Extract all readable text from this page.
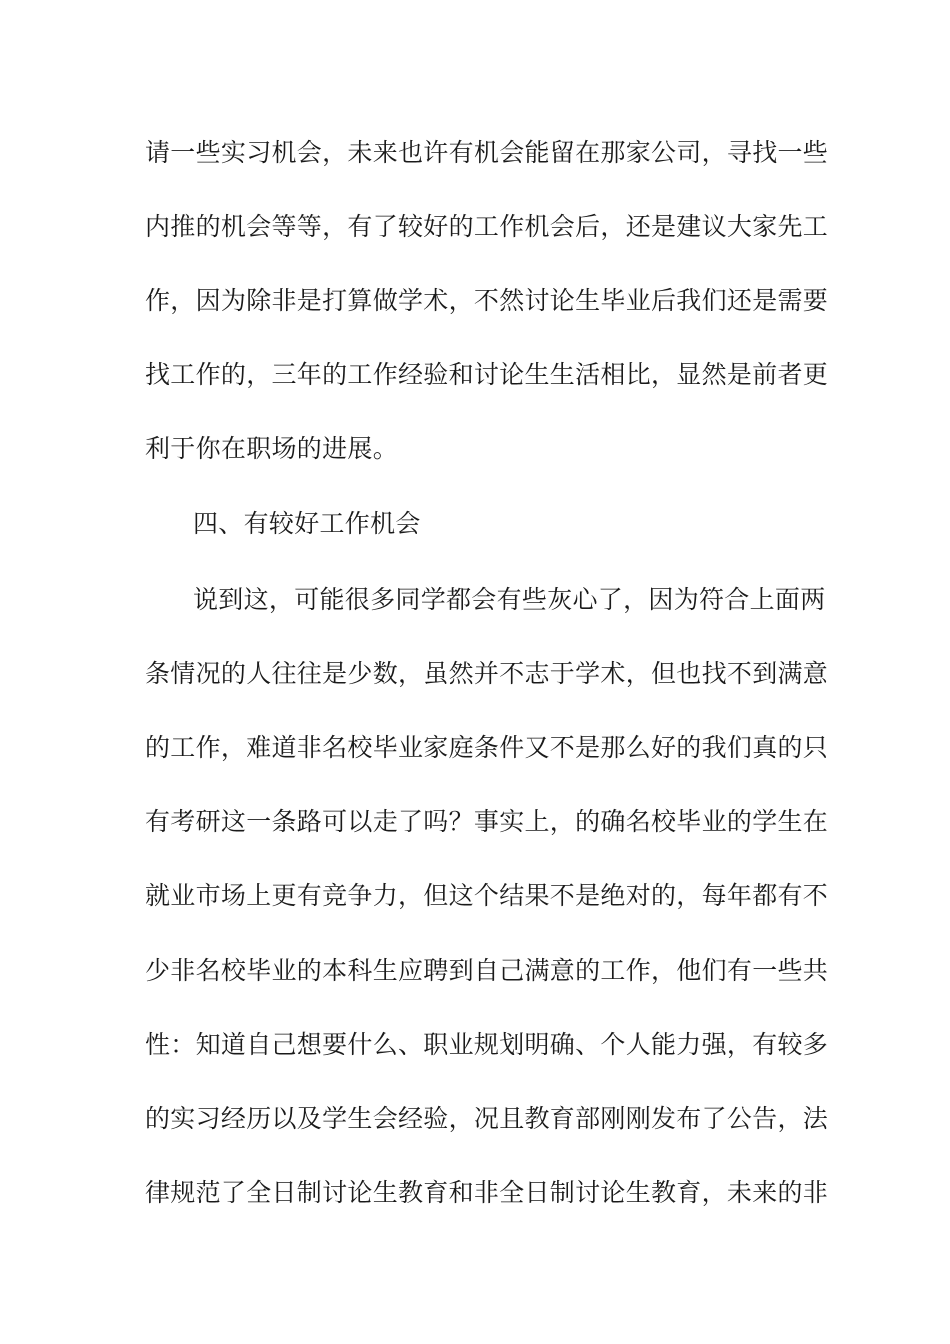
请一些实习机会，未来也许有机会能留在那家公司，寻找一些
内推的机会等等，有了较好的工作机会后，还是建议大家先工
作，因为除非是打算做学术，不然讨论生毕业后我们还是需要
找工作的，三年的工作经验和讨论生生活相比，显然是前者更
利于你在职场的进展。
四、有较好工作机会
说到这，可能很多同学都会有些灰心了，因为符合上面两
条情况的人往往是少数，虽然并不志于学术，但也找不到满意
的工作，难道非名校毕业家庭条件又不是那么好的我们真的只
有考研这一条路可以走了吗？事实上，的确名校毕业的学生在
就业市场上更有竞争力，但这个结果不是绝对的，每年都有不
少非名校毕业的本科生应聘到自己满意的工作，他们有一些共
性：知道自己想要什么、职业规划明确、个人能力强，有较多
的实习经历以及学生会经验，况且教育部刚刚发布了公告，法
律规范了全日制讨论生教育和非全日制讨论生教育，未来的非
